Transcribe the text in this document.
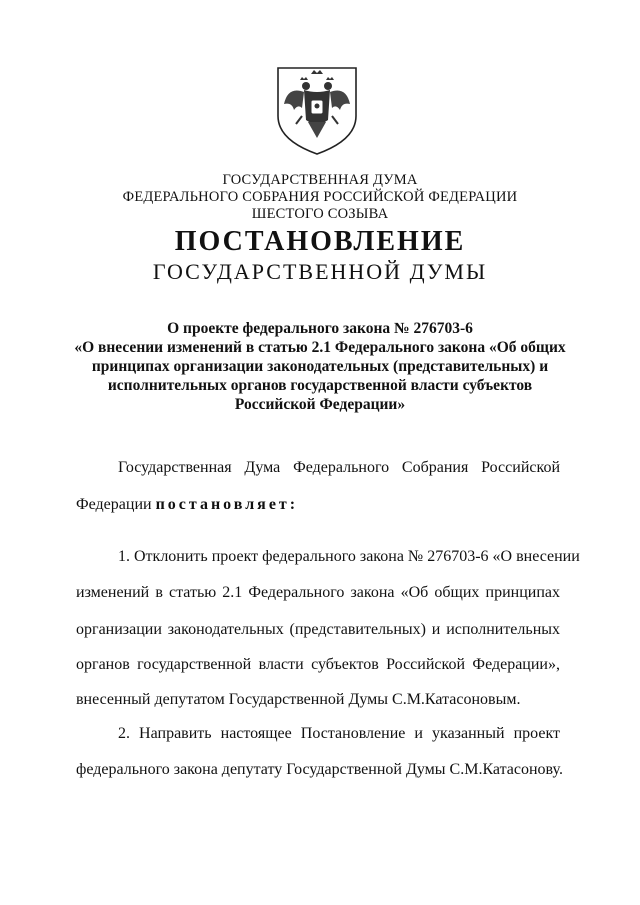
ГОСУДАРСТВЕННАЯ ДУМА
ФЕДЕРАЛЬНОГО СОБРАНИЯ РОССИЙСКОЙ ФЕДЕРАЦИИ
ШЕСТОГО СОЗЫВА
ПОСТАНОВЛЕНИЕ
ГОСУДАРСТВЕННОЙ ДУМЫ
О проекте федерального закона № 276703-6
«О внесении изменений в статью 2.1 Федерального закона «Об общих
принципах организации законодательных (представительных) и
исполнительных органов государственной власти субъектов
Российской Федерации»
Государственная Дума Федерального Собрания Российской
Федерации постановляет:
1. Отклонить проект федерального закона № 276703-6 «О внесении
изменений в статью 2.1 Федерального закона «Об общих принципах
организации законодательных (представительных) и исполнительных
органов государственной власти субъектов Российской Федерации»,
внесенный депутатом Государственной Думы С.М.Катасоновым.
2. Направить настоящее Постановление и указанный проект
федерального закона депутату Государственной Думы С.М.Катасонову.
